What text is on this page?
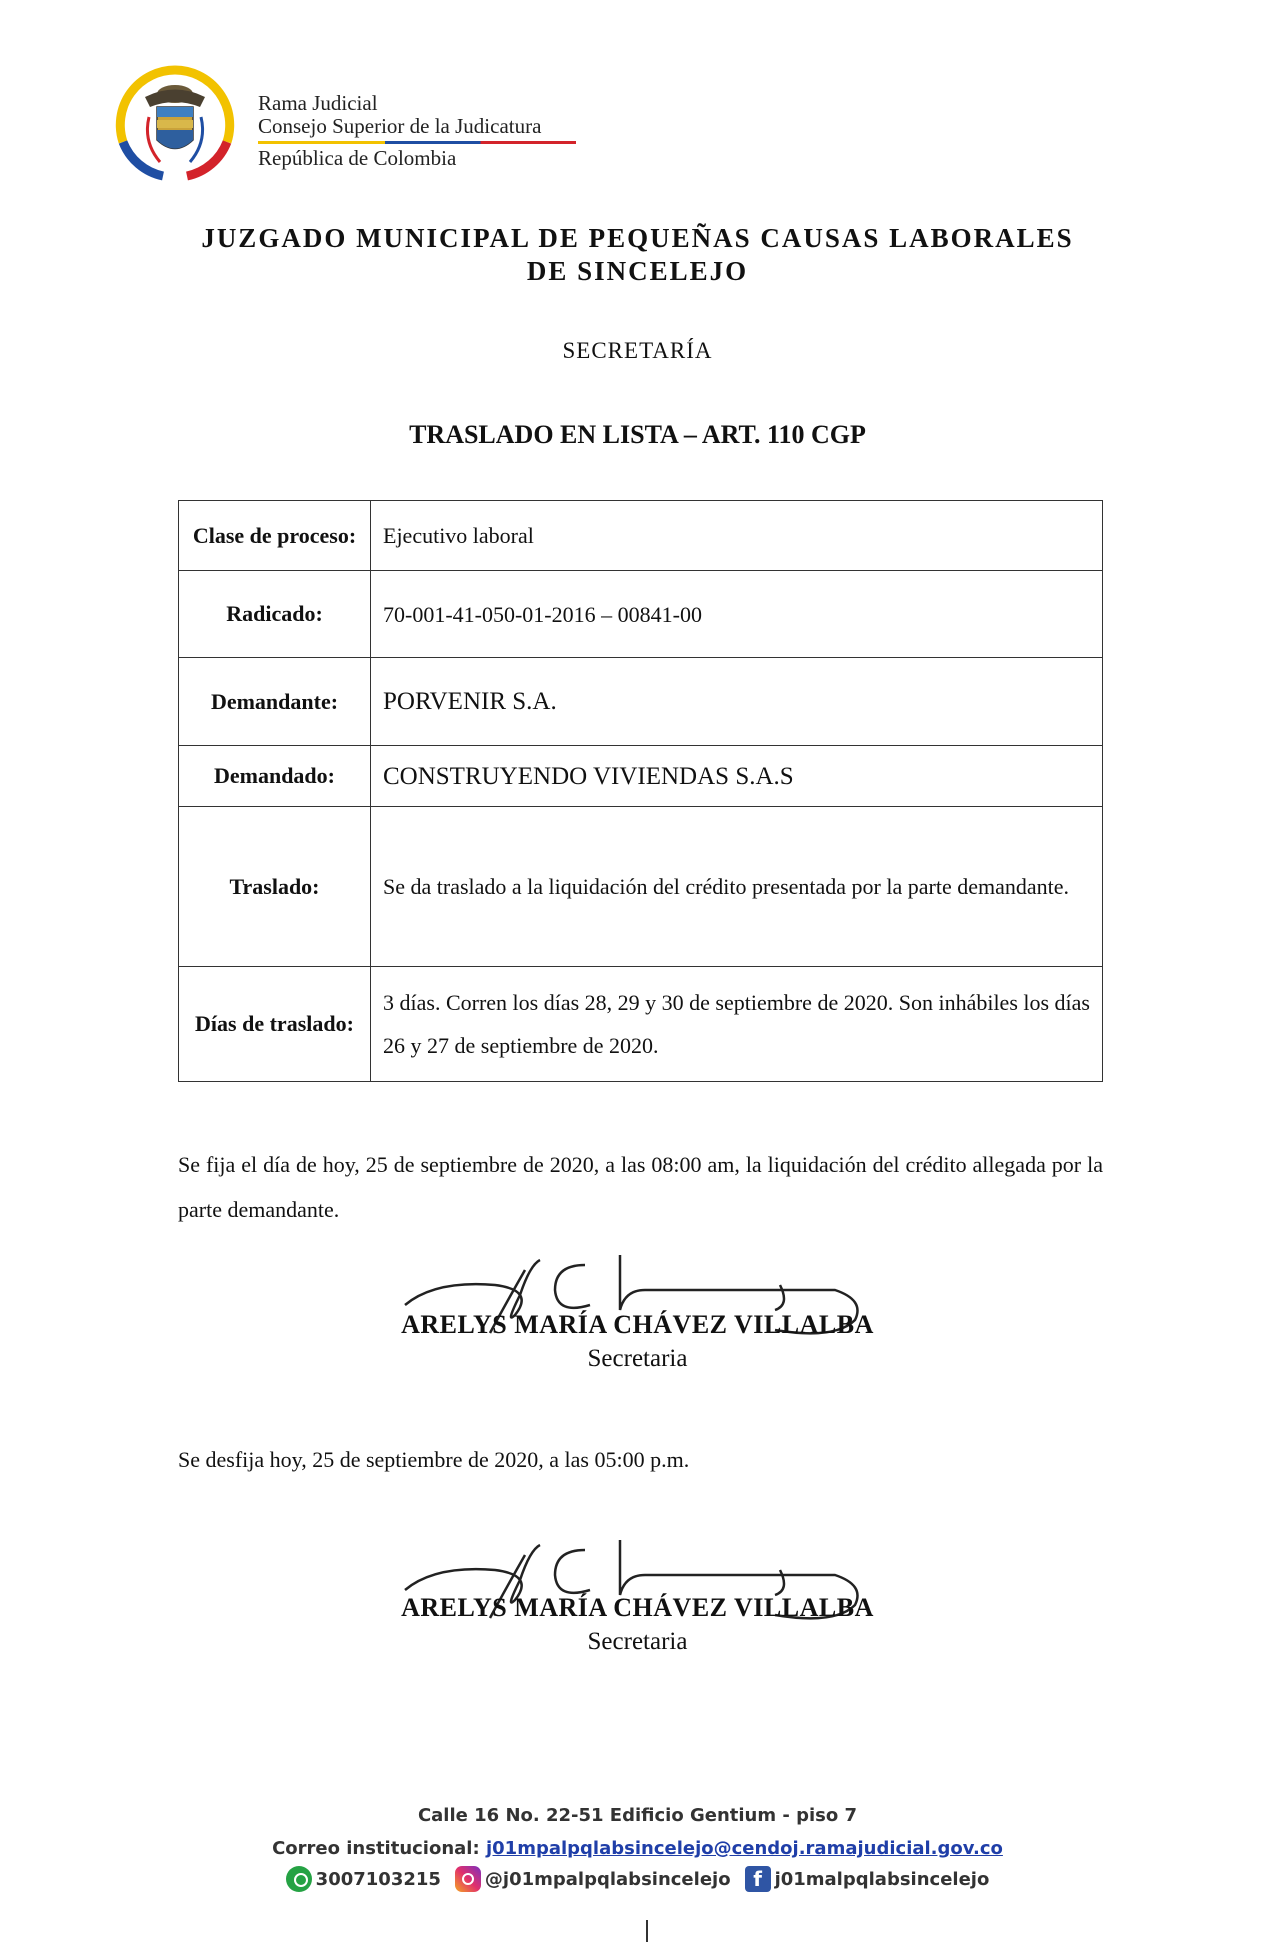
Rama Judicial
Consejo Superior de la Judicatura
República de Colombia
JUZGADO MUNICIPAL DE PEQUEÑAS CAUSAS LABORALES
DE SINCELEJO
SECRETARÍA
TRASLADO EN LISTA – ART. 110 CGP
Clase de proceso:	Ejecutivo laboral
Radicado:	70-001-41-050-01-2016 – 00841-00
Demandante:	PORVENIR S.A.
Demandado:	CONSTRUYENDO VIVIENDAS S.A.S
Traslado:	Se da traslado a la liquidación del crédito presentada por la parte demandante.
Días de traslado:	3 días. Corren los días 28, 29 y 30 de septiembre de 2020. Son inhábiles los días 26 y 27 de septiembre de 2020.
Se fija el día de hoy, 25 de septiembre de 2020, a las 08:00 am, la liquidación del crédito allegada por la parte demandante.
ARELYS MARÍA CHÁVEZ VILLALBA
Secretaria
Se desfija hoy, 25 de septiembre de 2020, a las 05:00 p.m.
ARELYS MARÍA CHÁVEZ VILLALBA
Secretaria
Calle 16 No. 22-51 Edificio Gentium - piso 7
Correo institucional: j01mpalpqlabsincelejo@cendoj.ramajudicial.gov.co
3007103215 @j01mpalpqlabsincelejo	f j01malpqlabsincelejo
